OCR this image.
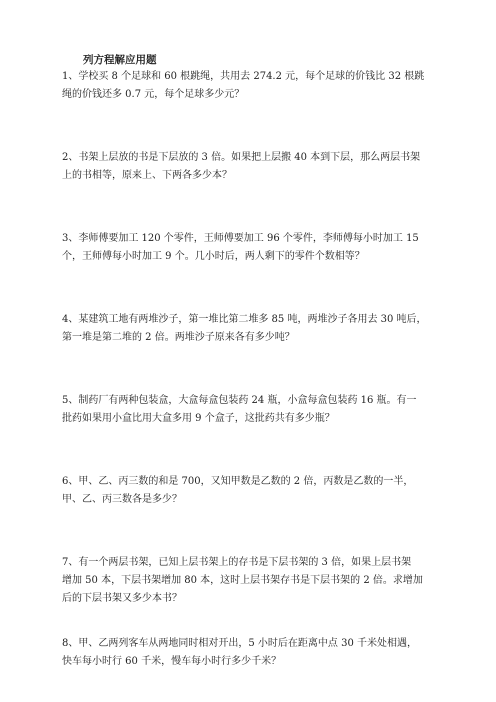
列方程解应用题
1、学校买 8 个足球和 60 根跳绳，共用去 274.2 元，每个足球的价钱比 32 根跳
绳的价钱还多 0.7 元，每个足球多少元？
2、书架上层放的书是下层放的 3 倍。如果把上层搬 40 本到下层，那么两层书架
上的书相等，原来上、下两各多少本？
3、李师傅要加工 120 个零件，王师傅要加工 96 个零件，李师傅每小时加工 15
个，王师傅每小时加工 9 个。几小时后，两人剩下的零件个数相等？
4、某建筑工地有两堆沙子，第一堆比第二堆多 85 吨，两堆沙子各用去 30 吨后，
第一堆是第二堆的 2 倍。两堆沙子原来各有多少吨？
5、制药厂有两种包装盒，大盒每盒包装药 24 瓶，小盒每盒包装药 16 瓶。有一
批药如果用小盒比用大盒多用 9 个盒子，这批药共有多少瓶？
6、甲、乙、丙三数的和是 700，又知甲数是乙数的 2 倍，丙数是乙数的一半，
甲、乙、丙三数各是多少？
7、有一个两层书架，已知上层书架上的存书是下层书架的 3 倍，如果上层书架
增加 50 本，下层书架增加 80 本，这时上层书架存书是下层书架的 2 倍。求增加
后的下层书架又多少本书？
8、甲、乙两列客车从两地同时相对开出，5 小时后在距离中点 30 千米处相遇，
快车每小时行 60 千米，慢车每小时行多少千米？
